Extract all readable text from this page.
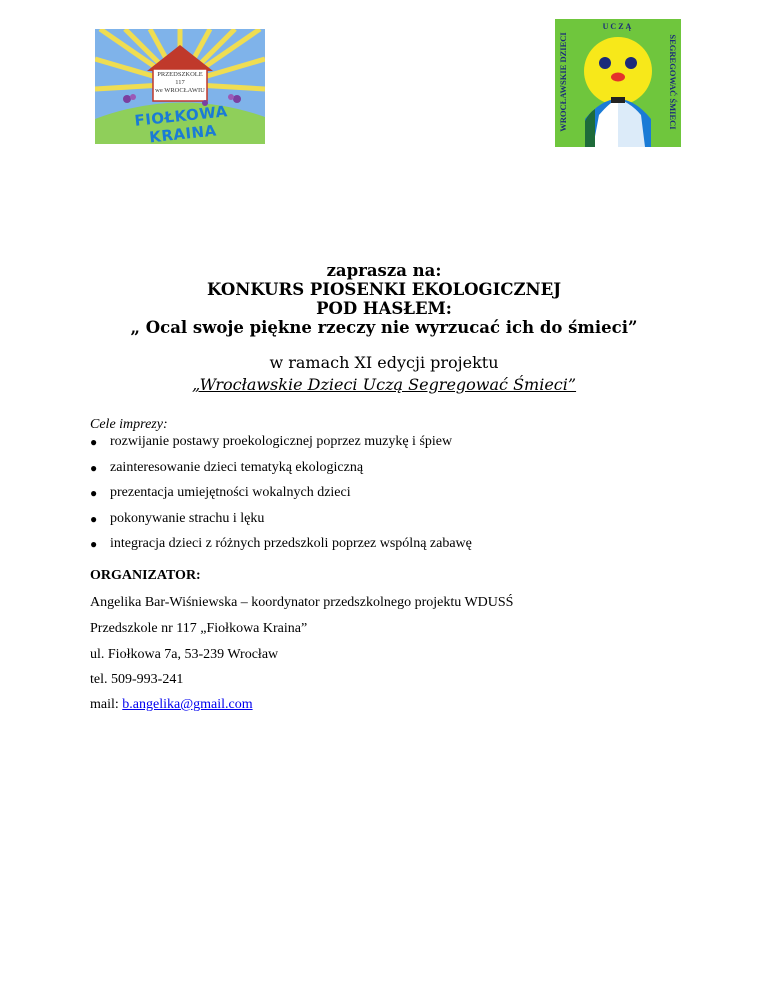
PRZEDSZKOLE
117
we WROCŁAWIU
FIOŁKOWA KRAINA
UCZĄ
WROCŁAWSKIE DZIECI	SEGREGOWAĆ ŚMIECI
zaprasza na:
KONKURS PIOSENKI EKOLOGICZNEJ
POD HASŁEM:
„ Ocal swoje piękne rzeczy nie wyrzucać ich do śmieci”
w ramach XI edycji projektu
„Wrocławskie Dzieci Uczą Segregować Śmieci”
Cele imprezy:
● rozwijanie postawy proekologicznej poprzez muzykę i śpiew
● zainteresowanie dzieci tematyką ekologiczną
● prezentacja umiejętności wokalnych dzieci
● pokonywanie strachu i lęku
● integracja dzieci z różnych przedszkoli poprzez wspólną zabawę
ORGANIZATOR:
Angelika Bar-Wiśniewska – koordynator przedszkolnego projektu WDUSŚ
Przedszkole nr 117 „Fiołkowa Kraina”
ul. Fiołkowa 7a, 53-239 Wrocław
tel. 509-993-241
mail: b.angelika@gmail.com
